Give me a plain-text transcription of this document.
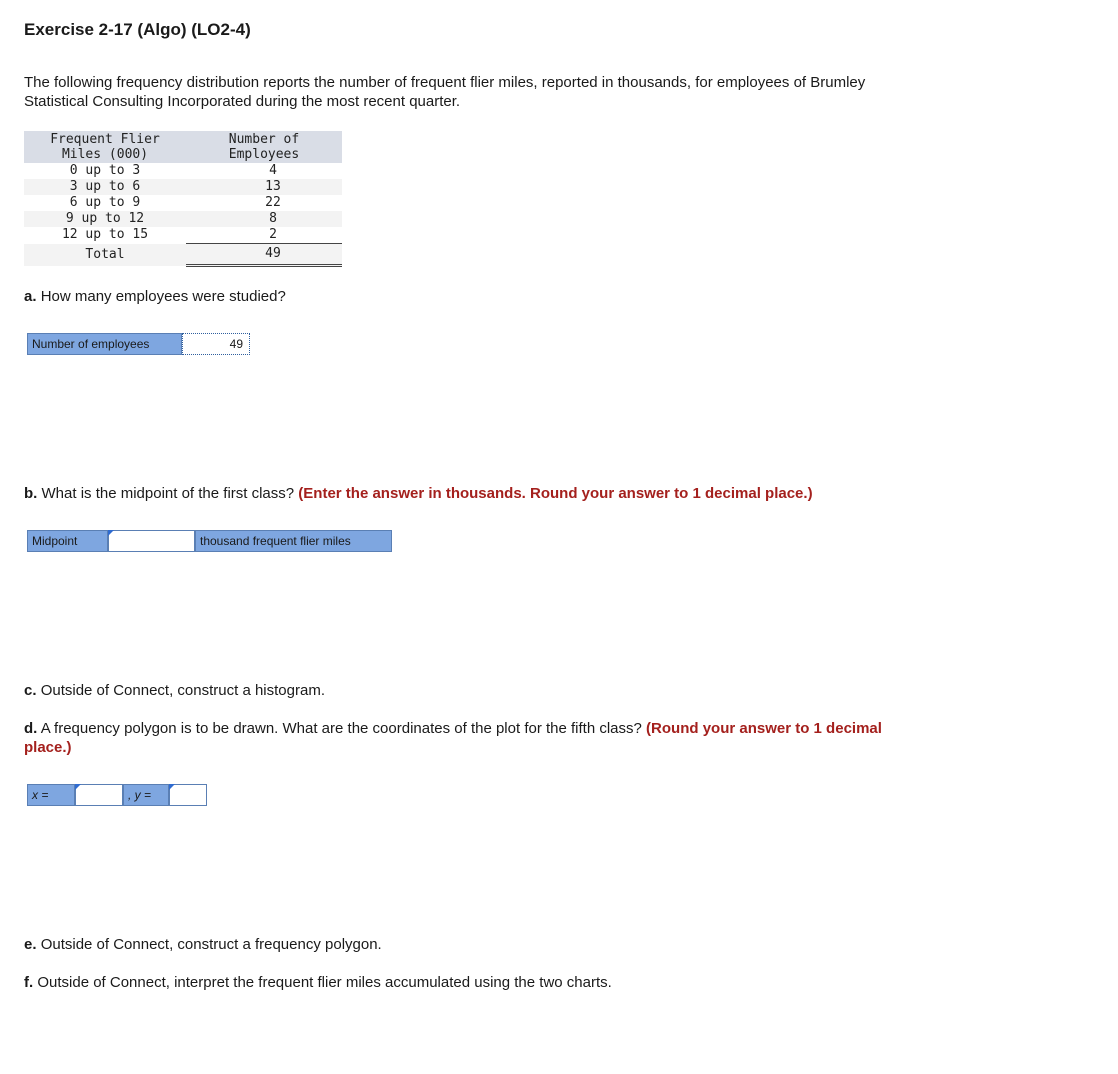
Exercise 2-17 (Algo) (LO2-4)

The following frequency distribution reports the number of frequent flier miles, reported in thousands, for employees of Brumley Statistical Consulting Incorporated during the most recent quarter.

Frequent Flier
Miles (000)		Number of
Employees
0 up to 3		4
3 up to 6		13
6 up to 9		22
9 up to 12		8
12 up to 15		2
Total		49

a. How many employees were studied?

Number of employees	49

b. What is the midpoint of the first class? (Enter the answer in thousands. Round your answer to 1 decimal place.)

Midpoint	thousand frequent flier miles

c. Outside of Connect, construct a histogram.

d. A frequency polygon is to be drawn. What are the coordinates of the plot for the fifth class? (Round your answer to 1 decimal place.)

x =	, y =

e. Outside of Connect, construct a frequency polygon.

f. Outside of Connect, interpret the frequent flier miles accumulated using the two charts.
